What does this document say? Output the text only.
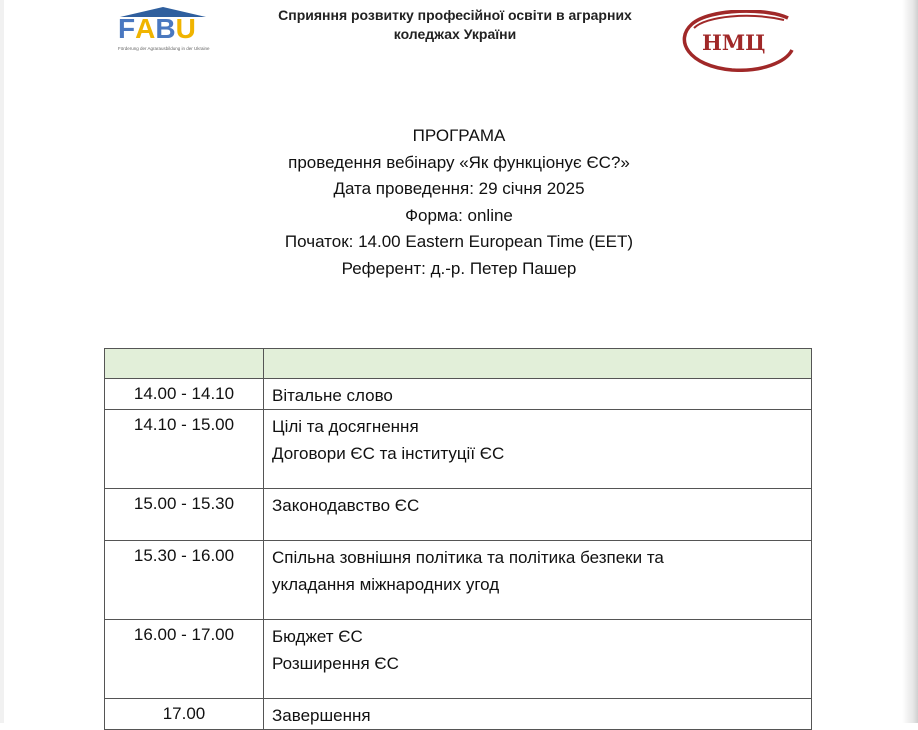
FABU
Förderung der Agrarausbildung in der Ukraine
Сприяння розвитку професійної освіти в аграрних
коледжах України	НМЦ
ПРОГРАМА
проведення вебінару «Як функціонує ЄС?»
Дата проведення: 29 січня 2025
Форма: online
Початок: 14.00 Eastern European Time (EET)
Референт: д.-р. Петер Пашер

14.00 - 14.10	Вітальне слово

14.10 - 15.00	Цілі та досягнення
Договори ЄС та інституції ЄС

15.00 - 15.30	Законодавство ЄС

15.30 - 16.00	Спільна зовнішня політика та політика безпеки та
укладання міжнародних угод

16.00 - 17.00	Бюджет ЄС
Розширення ЄС

17.00	Завершення
